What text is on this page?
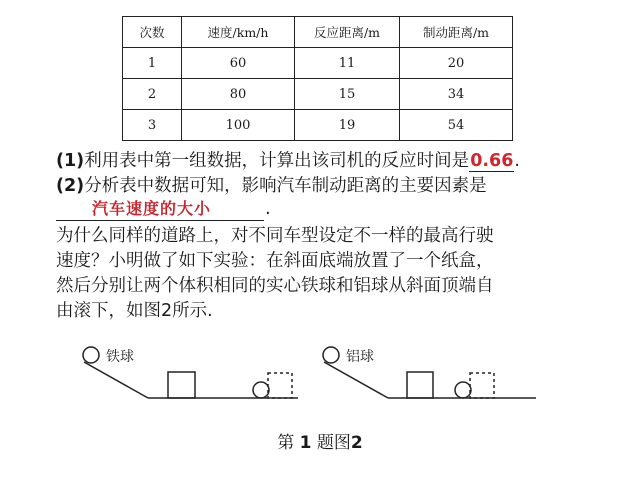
次数	速度/km/h	反应距离/m	制动距离/m
1	60	11	20
2	80	15	34
3	100	19	54
(1)利用表中第一组数据，计算出该司机的反应时间是0.66.
(2)分析表中数据可知，影响汽车制动距离的主要因素是
汽车速度的大小	.
为什么同样的道路上，对不同车型设定不一样的最高行驶
速度？小明做了如下实验：在斜面底端放置了一个纸盒，
然后分别让两个体积相同的实心铁球和铝球从斜面顶端自
由滚下，如图2所示.
铁球	铝球
第 1 题图2
